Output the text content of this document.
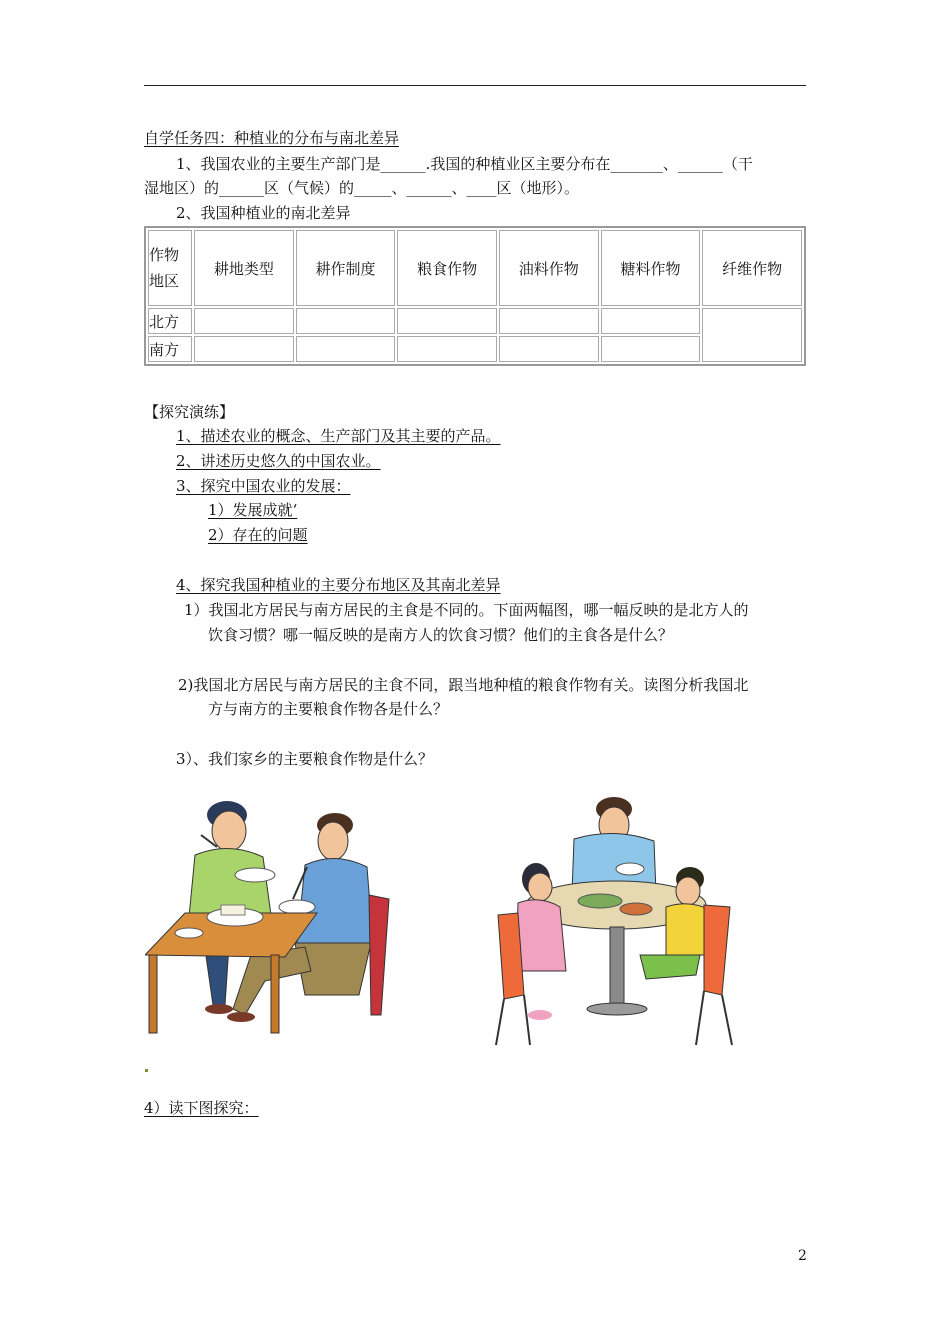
自学任务四：种植业的分布与南北差异
1、我国农业的主要生产部门是______.我国的种植业区主要分布在_______、______（干
湿地区）的______区（气候）的_____、______、____区（地形）。
2、我国种植业的南北差异
作物
地区	耕地类型	耕作制度	粮食作物	油料作物	糖料作物	纤维作物
北方						
南方						
【探究演练】
1、描述农业的概念、生产部门及其主要的产品。
2、讲述历史悠久的中国农业。
3、探究中国农业的发展：
1）发展成就‘
2）存在的问题
4、探究我国种植业的主要分布地区及其南北差异
1）我国北方居民与南方居民的主食是不同的。下面两幅图，哪一幅反映的是北方人的
饮食习惯？哪一幅反映的是南方人的饮食习惯？他们的主食各是什么？
2)我国北方居民与南方居民的主食不同，跟当地种植的粮食作物有关。读图分析我国北
方与南方的主要粮食作物各是什么？
3）、我们家乡的主要粮食作物是什么？
4）读下图探究：
2
